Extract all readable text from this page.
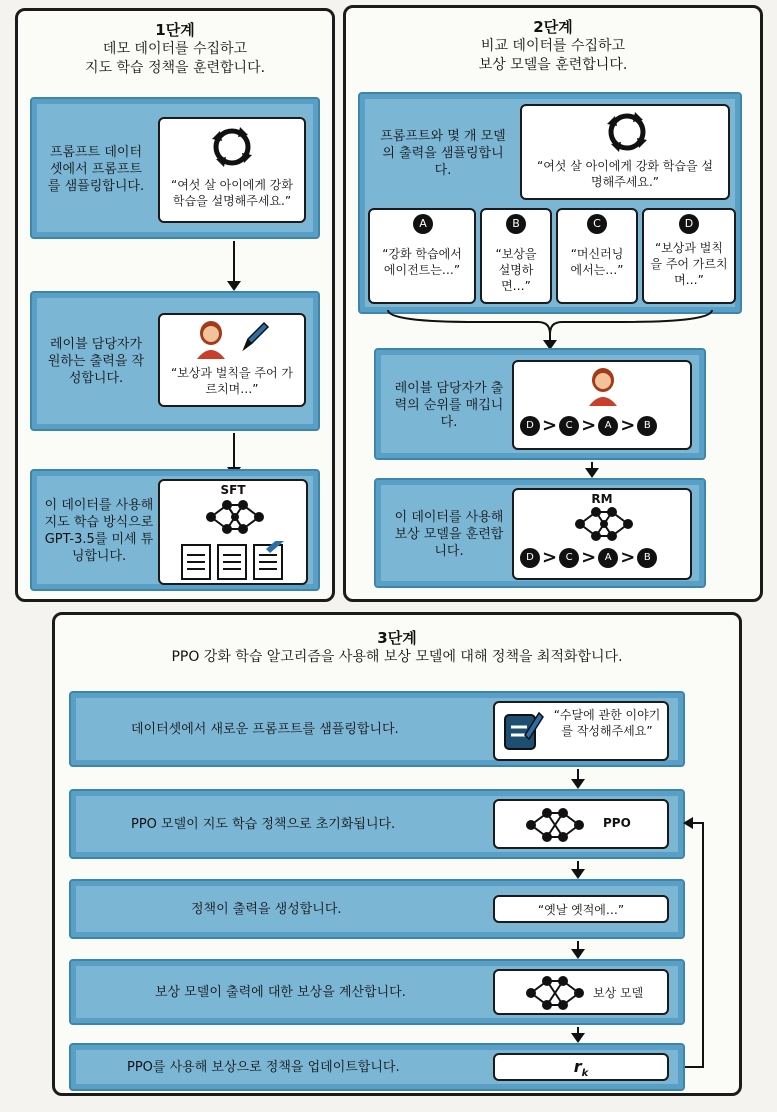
1단계
데모 데이터를 수집하고
지도 학습 정책을 훈련합니다.
프롬프트 데이터셋에서 프롬프트를 샘플링합니다.	“여섯 살 아이에게 강화 학습을 설명해주세요.”
레이블 담당자가 원하는 출력을 작성합니다.	“보상과 벌칙을 주어 가르치며…”
이 데이터를 사용해 지도 학습 방식으로 GPT-3.5를 미세 튜닝합니다.
SFT
2단계
비교 데이터를 수집하고
보상 모델을 훈련합니다.
프롬프트와 몇 개 모델의 출력을 샘플링합니다.	“여섯 살 아이에게 강화 학습을 설명해주세요.”
A
“강화 학습에서 에이전트는…”
B
“보상을 설명하면…”
C
“머신러닝 에서는…”
D
“보상과 벌칙을 주어 가르치며…”
레이블 담당자가 출력의 순위를 매깁니다.	D > C > A > B
이 데이터를 사용해 보상 모델을 훈련합니다.
RM
D > C > A > B
3단계
PPO 강화 학습 알고리즘을 사용해 보상 모델에 대해 정책을 최적화합니다.
데이터셋에서 새로운 프롬프트를 샘플링합니다.
“수달에 관한 이야기를 작성해주세요”
PPO 모델이 지도 학습 정책으로 초기화됩니다.	PPO
정책이 출력을 생성합니다.	“옛날 옛적에…”
보상 모델이 출력에 대한 보상을 계산합니다.	보상 모델
PPO를 사용해 보상으로 정책을 업데이트합니다.	$r_k$
